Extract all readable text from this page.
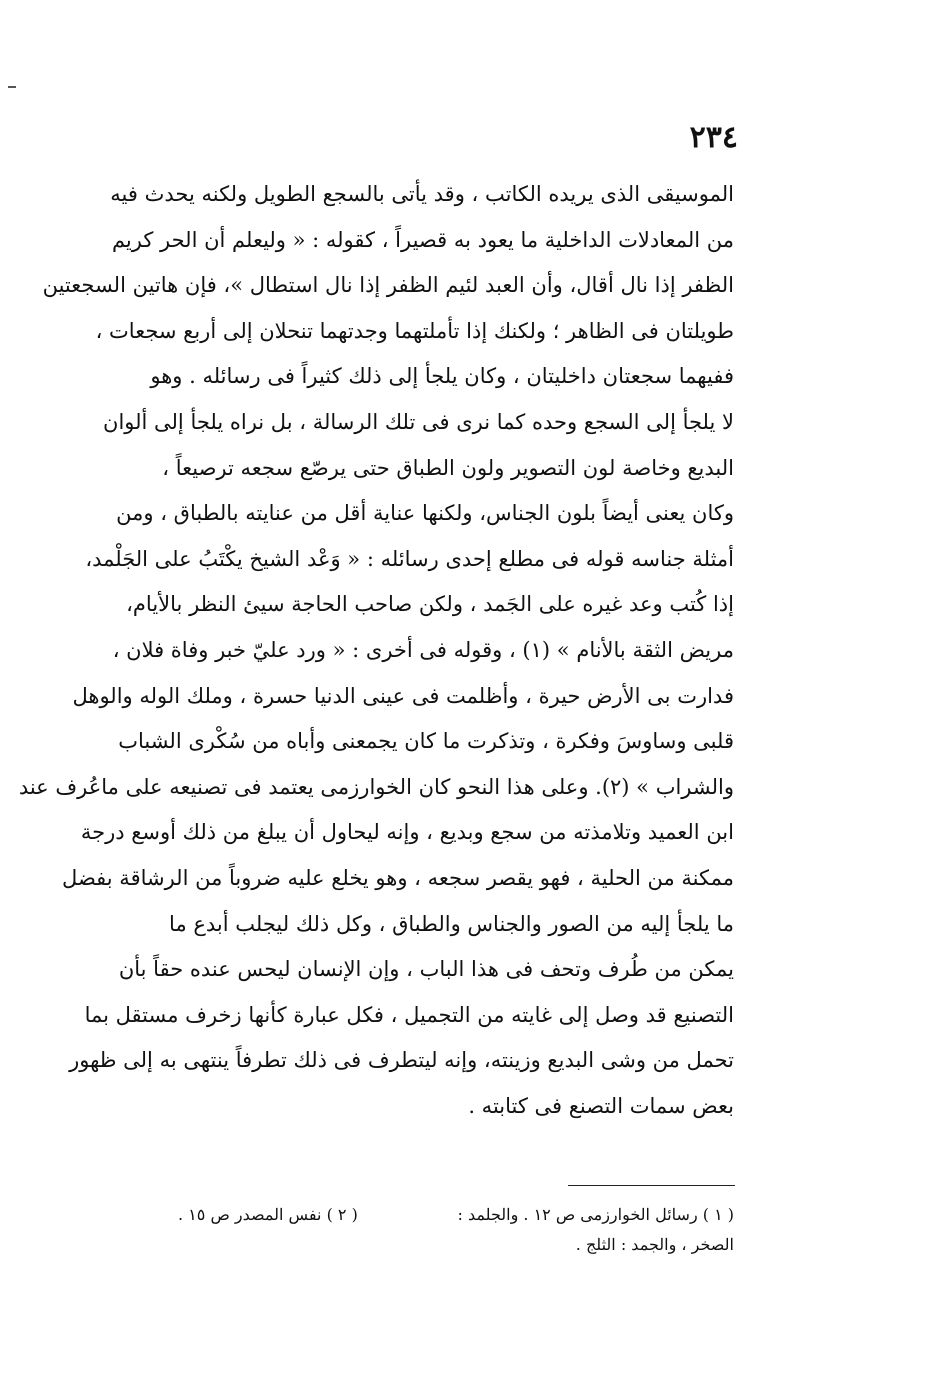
٢٣٤
الموسيقى الذى يريده الكاتب ، وقد يأتى بالسجع الطويل ولكنه يحدث فيه
من المعادلات الداخلية ما يعود به قصيراً ، كقوله : « وليعلم أن الحر كريم
الظفر إذا نال أقال، وأن العبد لئيم الظفر إذا نال استطال »، فإن هاتين السجعتين
طويلتان فى الظاهر ؛ ولكنك إذا تأملتهما وجدتهما تنحلان إلى أربع سجعات ،
ففيهما سجعتان داخليتان ، وكان يلجأ إلى ذلك كثيراً فى رسائله . وهو
لا يلجأ إلى السجع وحده كما نرى فى تلك الرسالة ، بل نراه يلجأ إلى ألوان
البديع وخاصة لون التصوير ولون الطباق حتى يرصّع سجعه ترصيعاً ،
وكان يعنى أيضاً بلون الجناس، ولكنها عناية أقل من عنايته بالطباق ، ومن
أمثلة جناسه قوله فى مطلع إحدى رسائله : « وَعْد الشيخ يكْتَبُ على الجَلْمد،
إذا كُتب وعد غيره على الجَمد ، ولكن صاحب الحاجة سيئ النظر بالأيام،
مريض الثقة بالأنام » (١) ، وقوله فى أخرى : « ورد عليّ خبر وفاة فلان ،
فدارت بى الأرض حيرة ، وأظلمت فى عينى الدنيا حسرة ، وملك الوله والوهل
قلبى وساوسَ وفكرة ، وتذكرت ما كان يجمعنى وأباه من سُكْرى الشباب
والشراب » (٢). وعلى هذا النحو كان الخوارزمى يعتمد فى تصنيعه على ماعُرف عند
ابن العميد وتلامذته من سجع وبديع ، وإنه ليحاول أن يبلغ من ذلك أوسع درجة
ممكنة من الحلية ، فهو يقصر سجعه ، وهو يخلع عليه ضروباً من الرشاقة بفضل
ما يلجأ إليه من الصور والجناس والطباق ، وكل ذلك ليجلب أبدع ما
يمكن من طُرف وتحف فى هذا الباب ، وإن الإنسان ليحس عنده حقاً بأن
التصنيع قد وصل إلى غايته من التجميل ، فكل عبارة كأنها زخرف مستقل بما
تحمل من وشى البديع وزينته، وإنه ليتطرف فى ذلك تطرفاً ينتهى به إلى ظهور
بعض سمات التصنع فى كتابته .
( ١ ) رسائل الخوارزمى ص ١٢ . والجلمد :
( ٢ ) نفس المصدر ص ١٥ .
الصخر ، والجمد : الثلج .
